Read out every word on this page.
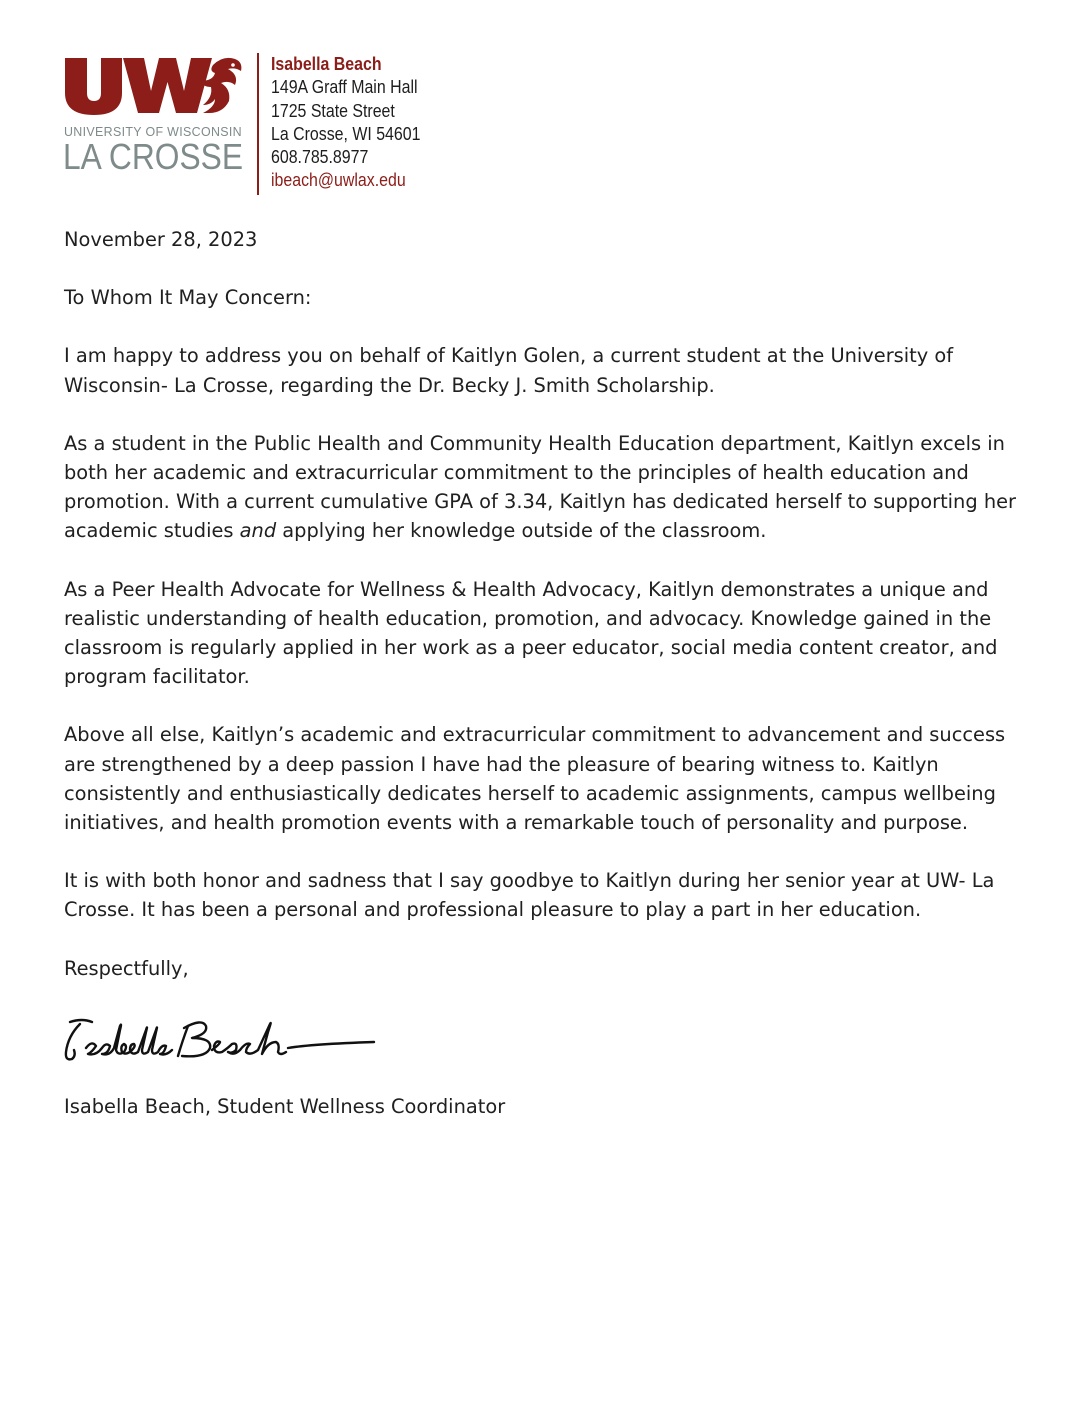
UNIVERSITY OF WISCONSIN
LA CROSSE
Isabella Beach
149A Graff Main Hall
1725 State Street
La Crosse, WI 54601
608.785.8977
ibeach@uwlax.edu

November 28, 2023

To Whom It May Concern:

I am happy to address you on behalf of Kaitlyn Golen, a current student at the University of Wisconsin- La Crosse, regarding the Dr. Becky J. Smith Scholarship.

As a student in the Public Health and Community Health Education department, Kaitlyn excels in both her academic and extracurricular commitment to the principles of health education and promotion. With a current cumulative GPA of 3.34, Kaitlyn has dedicated herself to supporting her academic studies and applying her knowledge outside of the classroom.

As a Peer Health Advocate for Wellness & Health Advocacy, Kaitlyn demonstrates a unique and realistic understanding of health education, promotion, and advocacy. Knowledge gained in the classroom is regularly applied in her work as a peer educator, social media content creator, and program facilitator.

Above all else, Kaitlyn’s academic and extracurricular commitment to advancement and success are strengthened by a deep passion I have had the pleasure of bearing witness to. Kaitlyn consistently and enthusiastically dedicates herself to academic assignments, campus wellbeing initiatives, and health promotion events with a remarkable touch of personality and purpose.

It is with both honor and sadness that I say goodbye to Kaitlyn during her senior year at UW- La Crosse. It has been a personal and professional pleasure to play a part in her education.

Respectfully,

Isabella Beach, Student Wellness Coordinator
